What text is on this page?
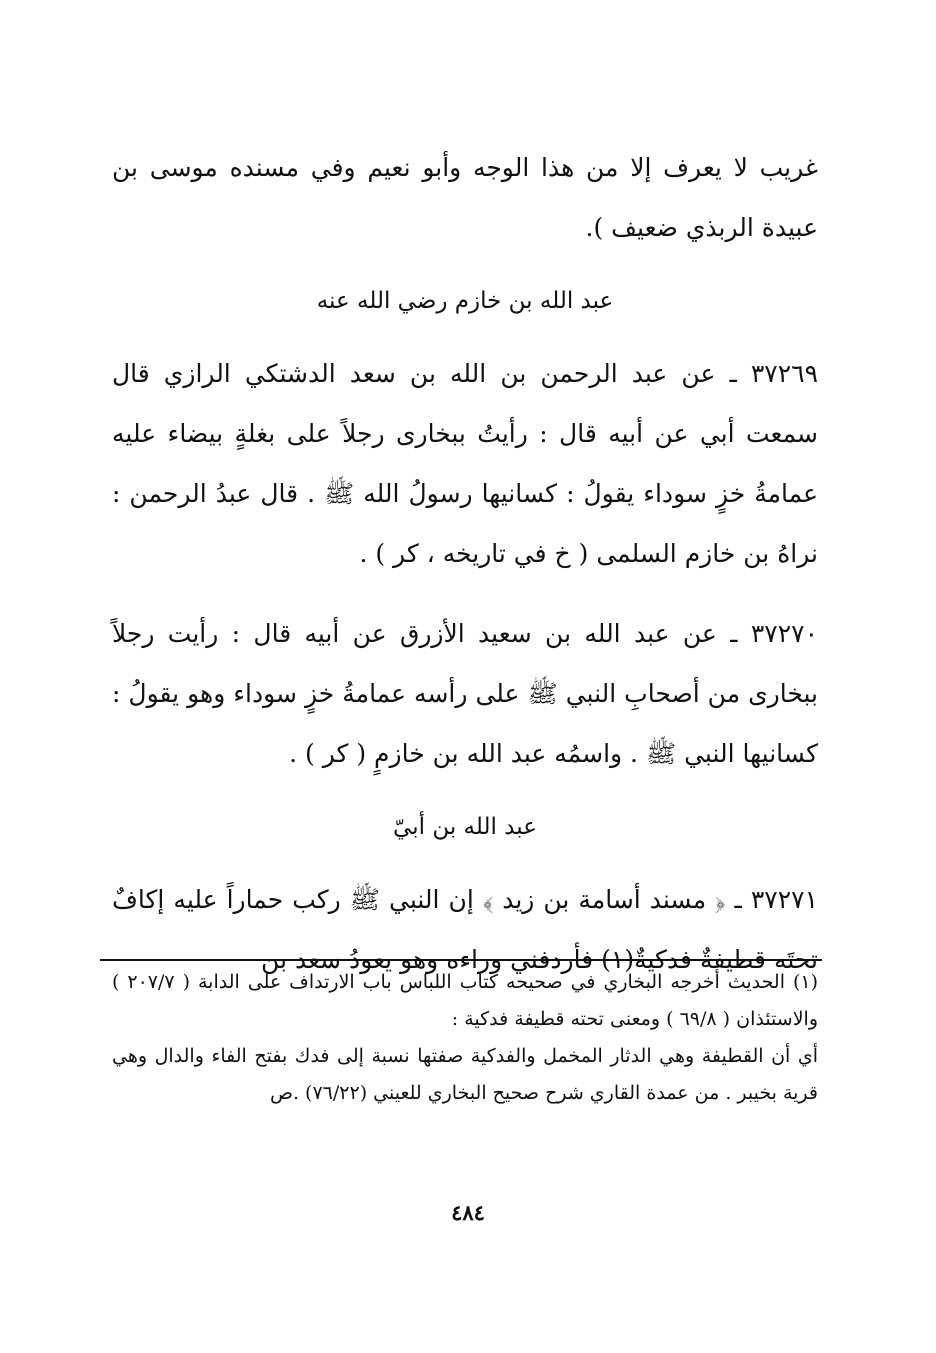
غريب لا يعرف إلا من هذا الوجه وأبو نعيم وفي مسنده موسى بن عبيدة الربذي ضعيف ).

عبد الله بن خازم رضي الله عنه

٣٧٢٦٩ ـ عن عبد الرحمن بن الله بن سعد الدشتكي الرازي قال سمعت أبي عن أبيه قال : رأيتُ ببخارى رجلاً على بغلةٍ بيضاء عليه عمامةُ خزٍ سوداء يقولُ : كسانيها رسولُ الله ﷺ . قال عبدُ الرحمن : نراهُ بن خازم السلمى ( خ في تاريخه ، كر ) .

٣٧٢٧٠ ـ عن عبد الله بن سعيد الأزرق عن أبيه قال : رأيت رجلاً ببخارى من أصحابِ النبي ﷺ على رأسه عمامةُ خزٍ سوداء وهو يقولُ : كسانيها النبي ﷺ . واسمُه عبد الله بن خازمٍ ( كر ) .

عبد الله بن أبيّ

٣٧٢٧١ ـ ﴿ مسند أسامة بن زيد ﴾ إن النبي ﷺ ركب حماراً عليه إكافٌ تحتَه قطيفةٌ فدكيةٌ(١) فأردفني وراءه وهو يعودُ سعد بن

(١) الحديث أخرجه البخاري في صحيحه كتاب اللباس باب الارتداف على الدابة ( ٢٠٧/٧ ) والاستئذان ( ٦٩/٨ ) ومعنى تحته قطيفة فدكية :

أي أن القطيفة وهي الدثار المخمل والفدكية صفتها نسبة إلى فدك بفتح الفاء والدال وهي قرية بخيبر . من عمدة القاري شرح صحيح البخاري للعيني (٧٦/٢٢) .ص

٤٨٤
